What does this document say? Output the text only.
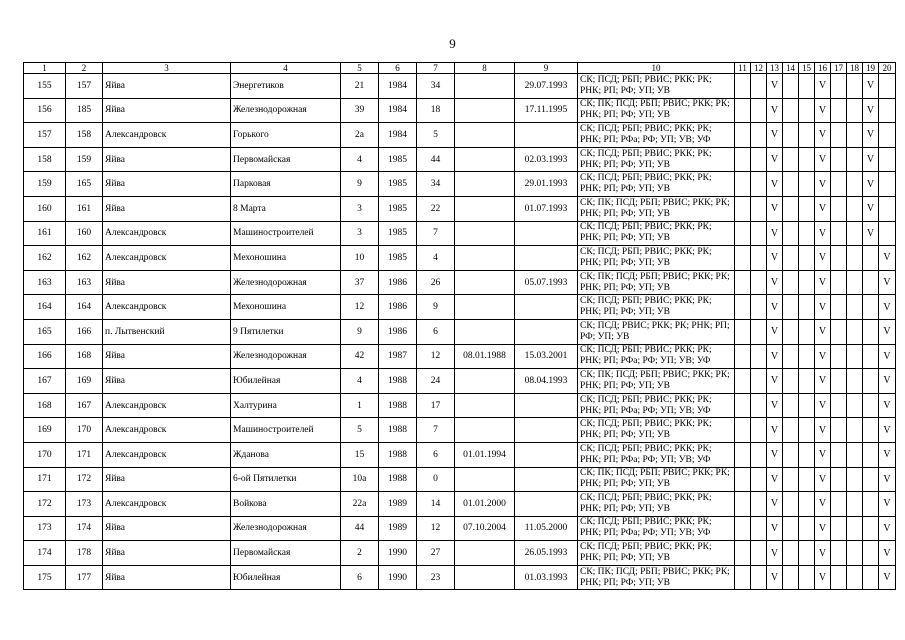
9
1	2	3	4	5	6	7	8	9	10	11	12	13	14	15	16	17	18	19	20
155	157	Яйва	Энергетиков	21	1984	34		29.07.1993	СК; ПСД; РБП; РВИС; РКК; РК;
РНК; РП; РФ; УП; УВ			V			V			V	
156	185	Яйва	Железнодорожная	39	1984	18		17.11.1995	СК; ПК; ПСД; РБП; РВИС; РКК; РК;
РНК; РП; РФ; УП; УВ			V			V			V	
157	158	Александровск	Горького	2а	1984	5			СК; ПСД; РБП; РВИС; РКК; РК;
РНК; РП; РФа; РФ; УП; УВ; УФ			V			V			V	
158	159	Яйва	Первомайская	4	1985	44		02.03.1993	СК; ПСД; РБП; РВИС; РКК; РК;
РНК; РП; РФ; УП; УВ			V			V			V	
159	165	Яйва	Парковая	9	1985	34		29.01.1993	СК; ПСД; РБП; РВИС; РКК; РК;
РНК; РП; РФ; УП; УВ			V			V			V	
160	161	Яйва	8 Марта	3	1985	22		01.07.1993	СК; ПК; ПСД; РБП; РВИС; РКК; РК;
РНК; РП; РФ; УП; УВ			V			V			V	
161	160	Александровск	Машиностроителей	3	1985	7			СК; ПСД; РБП; РВИС; РКК; РК;
РНК; РП; РФ; УП; УВ			V			V			V	
162	162	Александровск	Мехоношина	10	1985	4			СК; ПСД; РБП; РВИС; РКК; РК;
РНК; РП; РФ; УП; УВ			V			V				V
163	163	Яйва	Железнодорожная	37	1986	26		05.07.1993	СК; ПК; ПСД; РБП; РВИС; РКК; РК;
РНК; РП; РФ; УП; УВ			V			V				V
164	164	Александровск	Мехоношина	12	1986	9			СК; ПСД; РБП; РВИС; РКК; РК;
РНК; РП; РФ; УП; УВ			V			V				V
165	166	п. Лытвенский	9 Пятилетки	9	1986	6			СК; ПСД; РВИС; РКК; РК; РНК; РП;
РФ; УП; УВ			V			V				V
166	168	Яйва	Железнодорожная	42	1987	12	08.01.1988	15.03.2001	СК; ПСД; РБП; РВИС; РКК; РК;
РНК; РП; РФа; РФ; УП; УВ; УФ			V			V				V
167	169	Яйва	Юбилейная	4	1988	24		08.04.1993	СК; ПК; ПСД; РБП; РВИС; РКК; РК;
РНК; РП; РФ; УП; УВ			V			V				V
168	167	Александровск	Халтурина	1	1988	17			СК; ПСД; РБП; РВИС; РКК; РК;
РНК; РП; РФа; РФ; УП; УВ; УФ			V			V				V
169	170	Александровск	Машиностроителей	5	1988	7			СК; ПСД; РБП; РВИС; РКК; РК;
РНК; РП; РФ; УП; УВ			V			V				V
170	171	Александровск	Жданова	15	1988	6	01.01.1994		СК; ПСД; РБП; РВИС; РКК; РК;
РНК; РП; РФа; РФ; УП; УВ; УФ			V			V				V
171	172	Яйва	6-ой Пятилетки	10а	1988	0			СК; ПК; ПСД; РБП; РВИС; РКК; РК;
РНК; РП; РФ; УП; УВ			V			V				V
172	173	Александровск	Войкова	22а	1989	14	01.01.2000		СК; ПСД; РБП; РВИС; РКК; РК;
РНК; РП; РФ; УП; УВ			V			V				V
173	174	Яйва	Железнодорожная	44	1989	12	07.10.2004	11.05.2000	СК; ПСД; РБП; РВИС; РКК; РК;
РНК; РП; РФа; РФ; УП; УВ; УФ			V			V				V
174	178	Яйва	Первомайская	2	1990	27		26.05.1993	СК; ПСД; РБП; РВИС; РКК; РК;
РНК; РП; РФ; УП; УВ			V			V				V
175	177	Яйва	Юбилейная	6	1990	23		01.03.1993	СК; ПК; ПСД; РБП; РВИС; РКК; РК;
РНК; РП; РФ; УП; УВ			V			V				V
